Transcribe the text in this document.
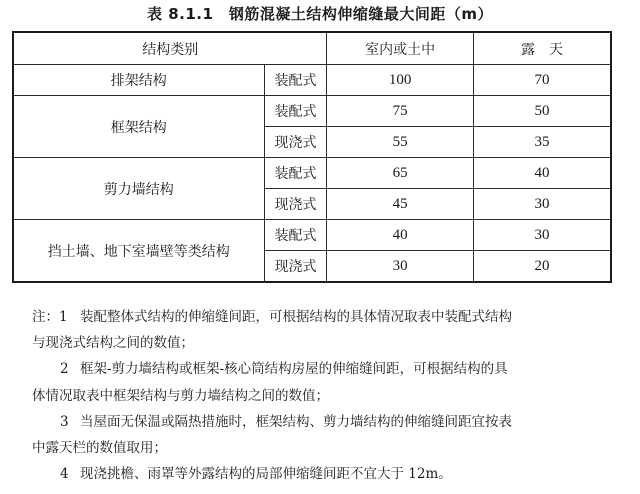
表 8.1.1　钢筋混凝土结构伸缩缝最大间距（m）
结构类别		室内或土中	露　天
排架结构	装配式	100	70
框架结构	装配式	75	50
	现浇式	55	35
剪力墙结构	装配式	65	40
	现浇式	45	30
挡土墙、地下室墙壁等类结构	装配式	40	30
	现浇式	30	20
注：1 装配整体式结构的伸缩缝间距，可根据结构的具体情况取表中装配式结构
与现浇式结构之间的数值；
2 框架-剪力墙结构或框架-核心筒结构房屋的伸缩缝间距，可根据结构的具
体情况取表中框架结构与剪力墙结构之间的数值；
3 当屋面无保温或隔热措施时，框架结构、剪力墙结构的伸缩缝间距宜按表
中露天栏的数值取用；
4 现浇挑檐、雨罩等外露结构的局部伸缩缝间距不宜大于 12m。
